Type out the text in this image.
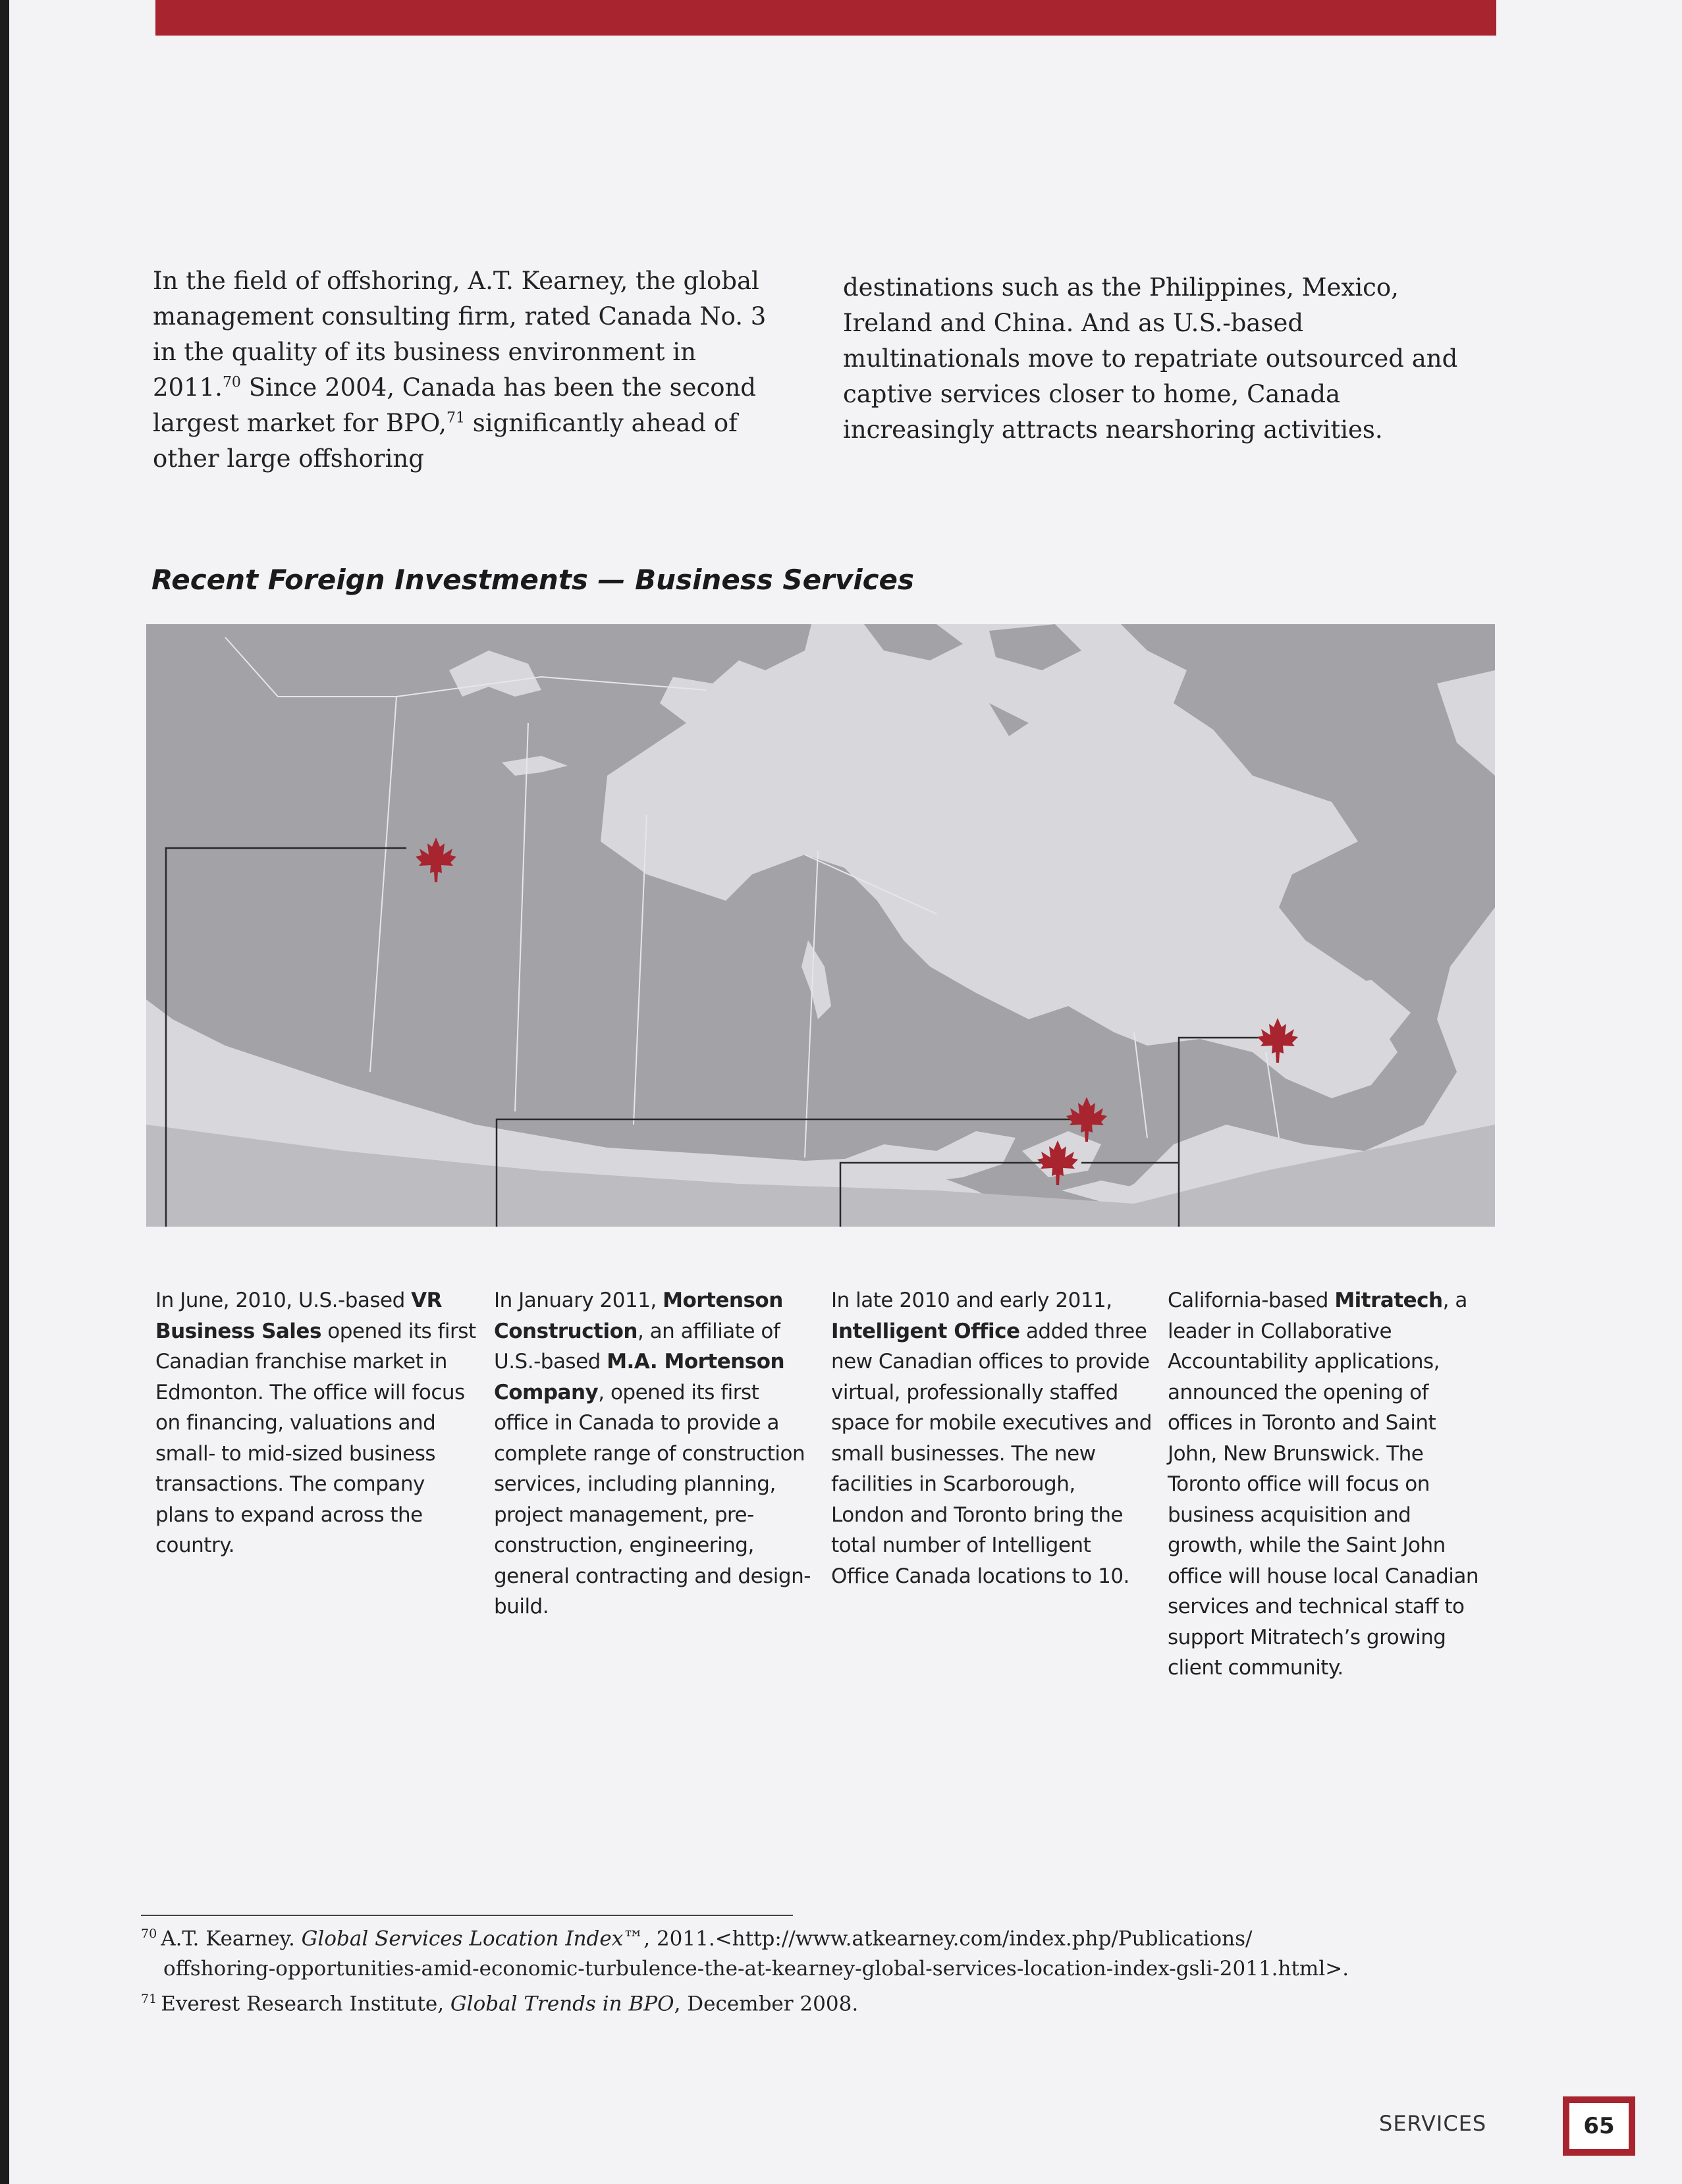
In the field of offshoring, A.T. Kearney, the global management consulting firm, rated Canada No. 3 in the quality of its business environment in 2011.70 Since 2004, Canada has been the second largest market for BPO,$^{71}$ significantly ahead of other large offshoring
destinations such as the Philippines, Mexico, Ireland and China. And as U.S.-based multinationals move to repatriate outsourced and captive services closer to home, Canada increasingly attracts nearshoring activities.
Recent Foreign Investments — Business Services
In June, 2010, U.S.-based VR Business Sales opened its first Canadian franchise market in Edmonton. The office will focus on financing, valuations and small- to mid-sized business transactions. The company plans to expand across the country.
In January 2011, Mortenson Construction, an affiliate of U.S.-based M.A. Mortenson Company, opened its first office in Canada to provide a complete range of construction services, including planning, project management, pre-construction, engineering, general contracting and design-build.
In late 2010 and early 2011, Intelligent Office added three new Canadian offices to provide virtual, professionally staffed space for mobile executives and small businesses. The new facilities in Scarborough, London and Toronto bring the total number of Intelligent Office Canada locations to 10.
California-based Mitratech, a leader in Collaborative Accountability applications, announced the opening of offices in Toronto and Saint John, New Brunswick. The Toronto office will focus on business acquisition and growth, while the Saint John office will house local Canadian services and technical staff to support Mitratech’s growing client community.
$^{70}$ A.T. Kearney. Global Services Location Index™, 2011.<http://www.atkearney.com/index.php/Publications/
offshoring-opportunities-amid-economic-turbulence-the-at-kearney-global-services-location-index-gsli-2011.html>.
$^{71}$ Everest Research Institute, Global Trends in BPO, December 2008.
SERVICES	65
